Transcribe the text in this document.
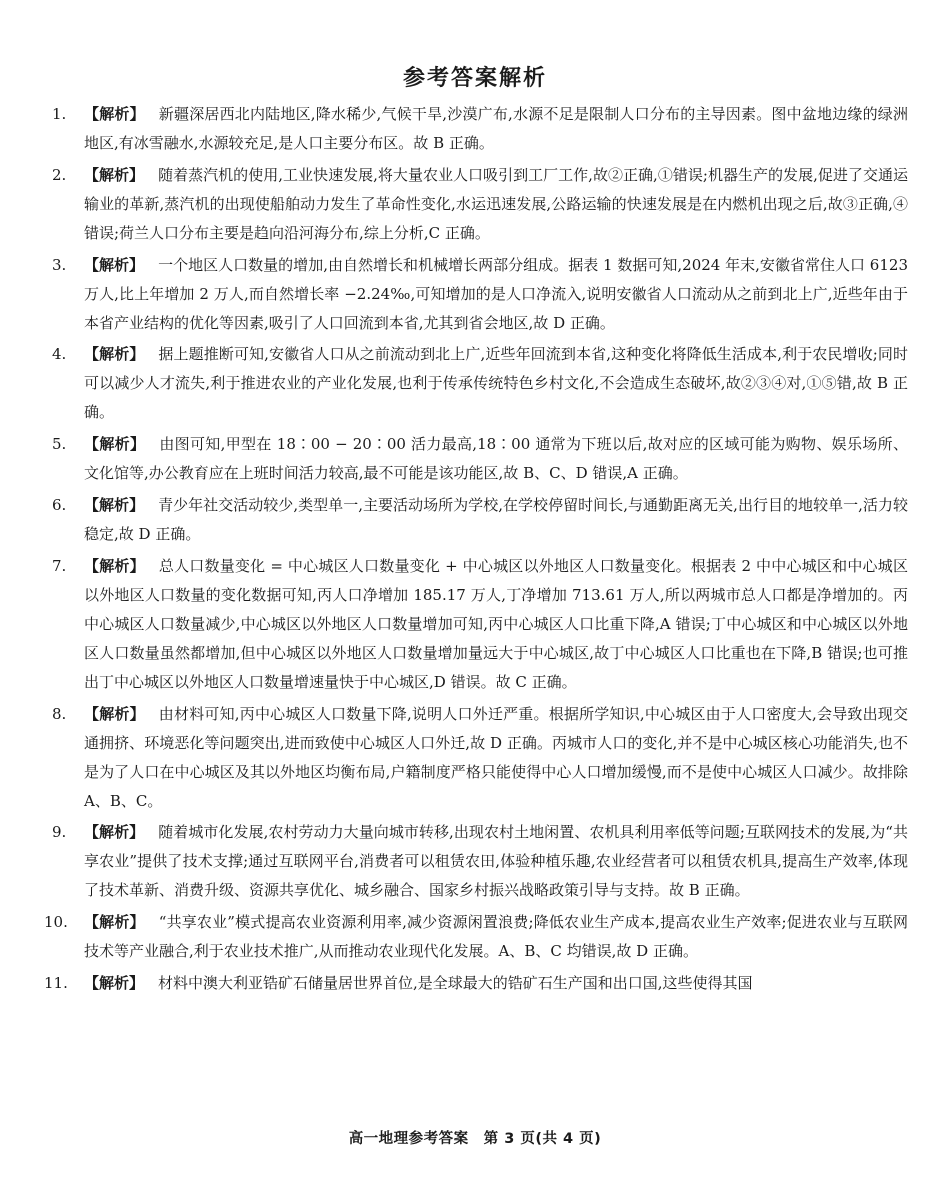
参考答案解析
1. 【解析】 新疆深居西北内陆地区,降水稀少,气候干旱,沙漠广布,水源不足是限制人口分布的主导因素。图中盆地边缘的绿洲地区,有冰雪融水,水源较充足,是人口主要分布区。故 B 正确。
2. 【解析】 随着蒸汽机的使用,工业快速发展,将大量农业人口吸引到工厂工作,故②正确,①错误;机器生产的发展,促进了交通运输业的革新,蒸汽机的出现使船舶动力发生了革命性变化,水运迅速发展,公路运输的快速发展是在内燃机出现之后,故③正确,④错误;荷兰人口分布主要是趋向沿河海分布,综上分析,C 正确。
3. 【解析】 一个地区人口数量的增加,由自然增长和机械增长两部分组成。据表 1 数据可知,2024 年末,安徽省常住人口 6123 万人,比上年增加 2 万人,而自然增长率 −2.24‰,可知增加的是人口净流入,说明安徽省人口流动从之前到北上广,近些年由于本省产业结构的优化等因素,吸引了人口回流到本省,尤其到省会地区,故 D 正确。
4. 【解析】 据上题推断可知,安徽省人口从之前流动到北上广,近些年回流到本省,这种变化将降低生活成本,利于农民增收;同时可以减少人才流失,利于推进农业的产业化发展,也利于传承传统特色乡村文化,不会造成生态破坏,故②③④对,①⑤错,故 B 正确。
5. 【解析】 由图可知,甲型在 18∶00 − 20∶00 活力最高,18∶00 通常为下班以后,故对应的区域可能为购物、娱乐场所、文化馆等,办公教育应在上班时间活力较高,最不可能是该功能区,故 B、C、D 错误,A 正确。
6. 【解析】 青少年社交活动较少,类型单一,主要活动场所为学校,在学校停留时间长,与通勤距离无关,出行目的地较单一,活力较稳定,故 D 正确。
7. 【解析】 总人口数量变化 = 中心城区人口数量变化 + 中心城区以外地区人口数量变化。根据表 2 中中心城区和中心城区以外地区人口数量的变化数据可知,丙人口净增加 185.17 万人,丁净增加 713.61 万人,所以两城市总人口都是净增加的。丙中心城区人口数量减少,中心城区以外地区人口数量增加可知,丙中心城区人口比重下降,A 错误;丁中心城区和中心城区以外地区人口数量虽然都增加,但中心城区以外地区人口数量增加量远大于中心城区,故丁中心城区人口比重也在下降,B 错误;也可推出丁中心城区以外地区人口数量增速量快于中心城区,D 错误。故 C 正确。
8. 【解析】 由材料可知,丙中心城区人口数量下降,说明人口外迁严重。根据所学知识,中心城区由于人口密度大,会导致出现交通拥挤、环境恶化等问题突出,进而致使中心城区人口外迁,故 D 正确。丙城市人口的变化,并不是中心城区核心功能消失,也不是为了人口在中心城区及其以外地区均衡布局,户籍制度严格只能使得中心人口增加缓慢,而不是使中心城区人口减少。故排除 A、B、C。
9. 【解析】 随着城市化发展,农村劳动力大量向城市转移,出现农村土地闲置、农机具利用率低等问题;互联网技术的发展,为“共享农业”提供了技术支撑;通过互联网平台,消费者可以租赁农田,体验种植乐趣,农业经营者可以租赁农机具,提高生产效率,体现了技术革新、消费升级、资源共享优化、城乡融合、国家乡村振兴战略政策引导与支持。故 B 正确。
10. 【解析】 “共享农业”模式提高农业资源利用率,减少资源闲置浪费;降低农业生产成本,提高农业生产效率;促进农业与互联网技术等产业融合,利于农业技术推广,从而推动农业现代化发展。A、B、C 均错误,故 D 正确。
11. 【解析】 材料中澳大利亚锆矿石储量居世界首位,是全球最大的锆矿石生产国和出口国,这些使得其国
高一地理参考答案　第 3 页(共 4 页)
